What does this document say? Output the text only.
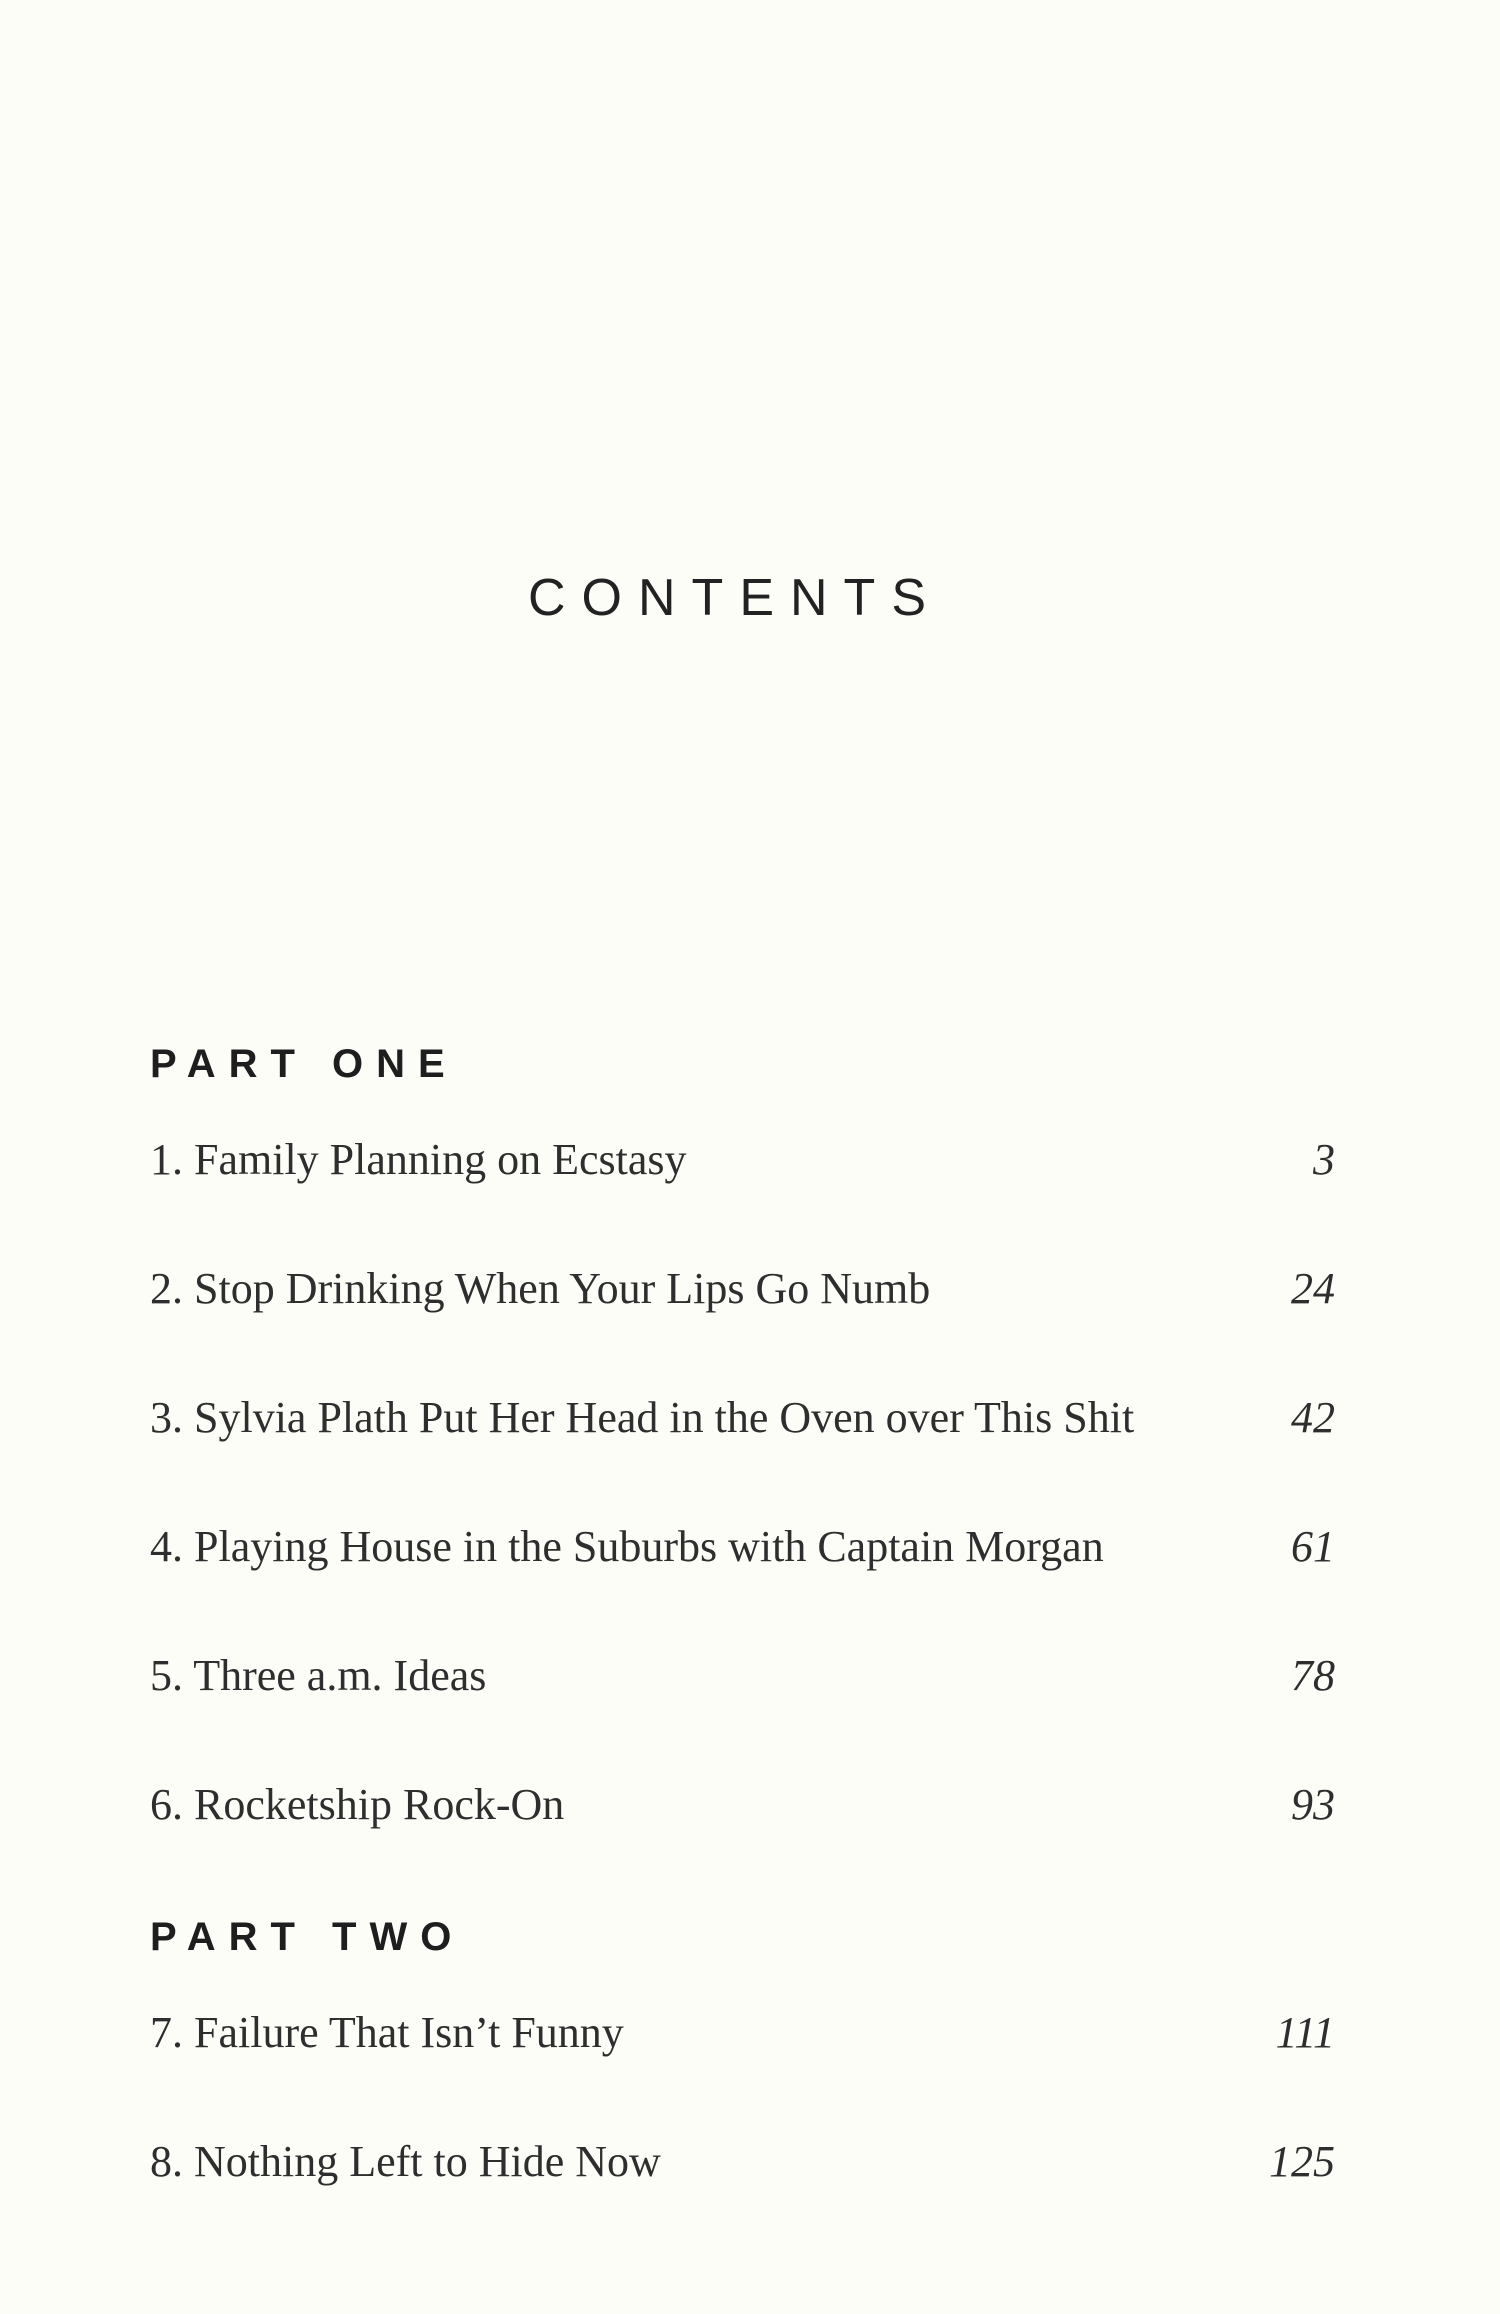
CONTENTS
PART ONE
1. Family Planning on Ecstasy	3
2. Stop Drinking When Your Lips Go Numb	24
3. Sylvia Plath Put Her Head in the Oven over This Shit	42
4. Playing House in the Suburbs with Captain Morgan	61
5. Three a.m. Ideas	78
6. Rocketship Rock-On	93
PART TWO
7. Failure That Isn’t Funny	111
8. Nothing Left to Hide Now	125
